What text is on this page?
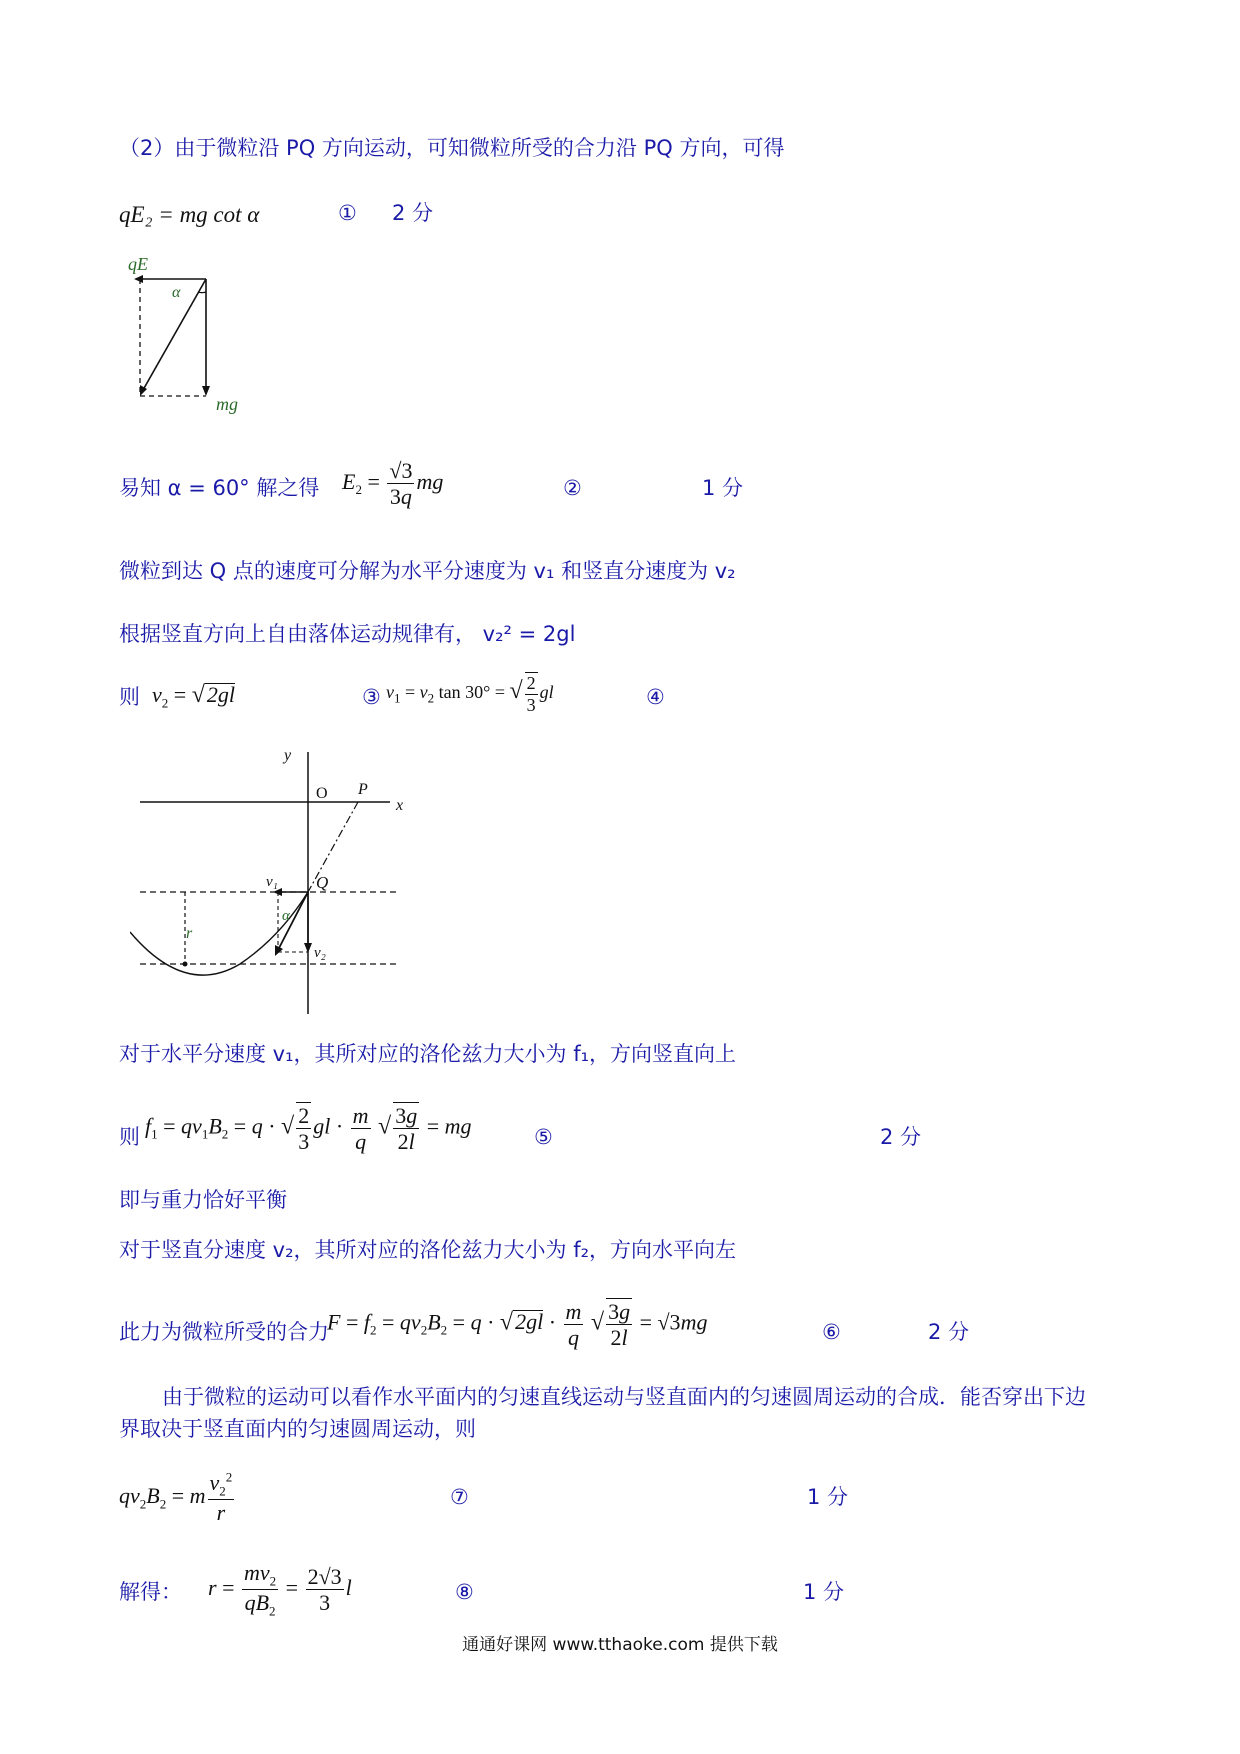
（2）由于微粒沿 PQ 方向运动，可知微粒所受的合力沿 PQ 方向，可得
qE₂ = mg cot α	① 2 分
qE
α
mg
易知 α = 60° 解之得 $E_2 = \frac{√3}{3q}$ mg	②	1 分
微粒到达 Q 点的速度可分解为水平分速度为 v₁ 和竖直分速度为 v₂
根据竖直方向上自由落体运动规律有， v₂² = 2gl
则 $v_2 = √2gl$	③ $v_1 = v_2$ tan 30° = √ $\frac{2}{3}$ gl	④
y
x
O P
Q
v₁
v₂
r
α
对于水平分速度 v₁，其所对应的洛伦兹力大小为 f₁，方向竖直向上
则 $f_1 = qv_1B_2 = q$ · √ $\frac{2}{3}$ gl · $\frac{m}{q}$ √ $\frac{3g}{2l}$ = mg	⑤	2 分
即与重力恰好平衡
对于竖直分速度 v₂，其所对应的洛伦兹力大小为 f₂，方向水平向左
此力为微粒所受的合力
$F = f_2 = qv_2B_2 = q \cdot √2gl \cdot \frac{m}{q}$ √ $\frac{3g}{2l} = √3mg$	⑥	2 分
由于微粒的运动可以看作水平面内的匀速直线运动与竖直面内的匀速圆周运动的合成．能否穿出下边
界取决于竖直面内的匀速圆周运动，则
$qv_2B_2 = m \frac{v_2^2}{r}$	⑦	1 分
解得： $r = \frac{mv_2}{qB_2} = \frac{2√3}{3}$ l	⑧	1 分
通通好课网 www.tthaoke.com 提供下载
